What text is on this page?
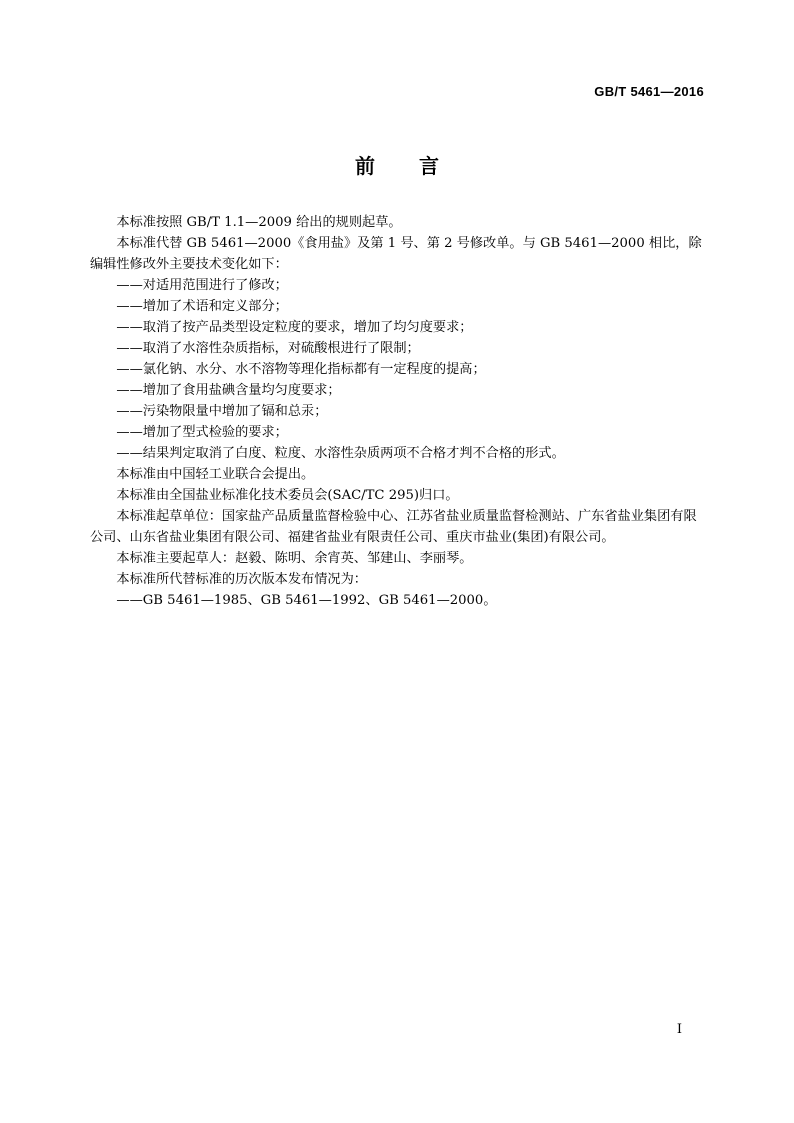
GB/T 5461—2016
前言

本标准按照 GB/T 1.1—2009 给出的规则起草。

本标准代替 GB 5461—2000《食用盐》及第 1 号、第 2 号修改单。与 GB 5461—2000 相比，除编辑性修改外主要技术变化如下：

——对适用范围进行了修改；

——增加了术语和定义部分；

——取消了按产品类型设定粒度的要求，增加了均匀度要求；

——取消了水溶性杂质指标，对硫酸根进行了限制；

——氯化钠、水分、水不溶物等理化指标都有一定程度的提高；

——增加了食用盐碘含量均匀度要求；

——污染物限量中增加了镉和总汞；

——增加了型式检验的要求；

——结果判定取消了白度、粒度、水溶性杂质两项不合格才判不合格的形式。

本标准由中国轻工业联合会提出。

本标准由全国盐业标准化技术委员会(SAC/TC 295)归口。

本标准起草单位：国家盐产品质量监督检验中心、江苏省盐业质量监督检测站、广东省盐业集团有限公司、山东省盐业集团有限公司、福建省盐业有限责任公司、重庆市盐业(集团)有限公司。

本标准主要起草人：赵毅、陈明、余宵英、邹建山、李丽琴。

本标准所代替标准的历次版本发布情况为：

——GB 5461—1985、GB 5461—1992、GB 5461—2000。

I
